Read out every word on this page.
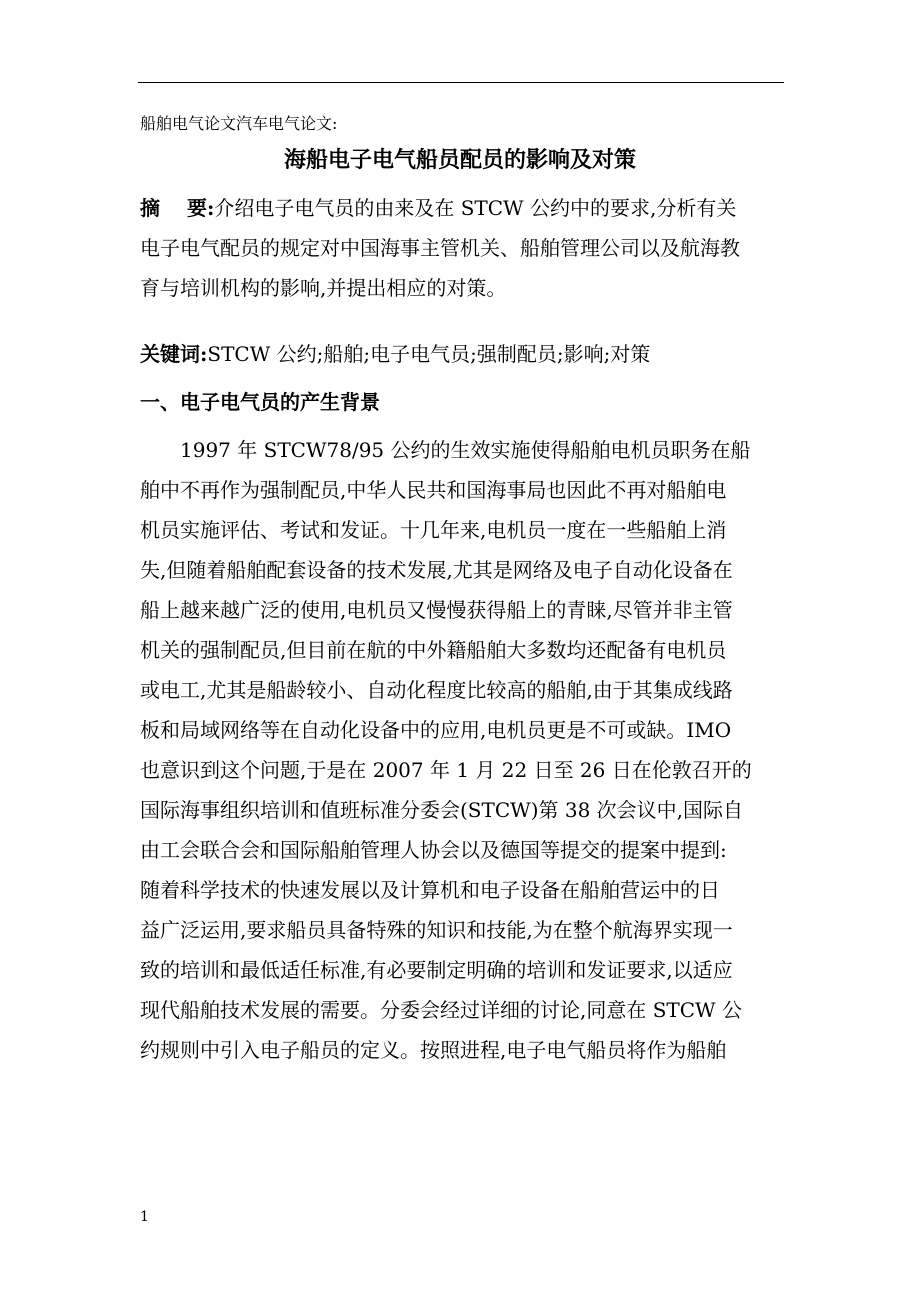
船舶电气论文汽车电气论文:
海船电子电气船员配员的影响及对策
摘　 要:介绍电子电气员的由来及在 STCW 公约中的要求,分析有关
电子电气配员的规定对中国海事主管机关、船舶管理公司以及航海教
育与培训机构的影响,并提出相应的对策。
关键词:STCW 公约;船舶;电子电气员;强制配员;影响;对策
一、电子电气员的产生背景
1997 年 STCW78/95 公约的生效实施使得船舶电机员职务在船
舶中不再作为强制配员,中华人民共和国海事局也因此不再对船舶电
机员实施评估、考试和发证。十几年来,电机员一度在一些船舶上消
失,但随着船舶配套设备的技术发展,尤其是网络及电子自动化设备在
船上越来越广泛的使用,电机员又慢慢获得船上的青睐,尽管并非主管
机关的强制配员,但目前在航的中外籍船舶大多数均还配备有电机员
或电工,尤其是船龄较小、自动化程度比较高的船舶,由于其集成线路
板和局域网络等在自动化设备中的应用,电机员更是不可或缺。IMO
也意识到这个问题,于是在 2007 年 1 月 22 日至 26 日在伦敦召开的
国际海事组织培训和值班标准分委会(STCW)第 38 次会议中,国际自
由工会联合会和国际船舶管理人协会以及德国等提交的提案中提到:
随着科学技术的快速发展以及计算机和电子设备在船舶营运中的日
益广泛运用,要求船员具备特殊的知识和技能,为在整个航海界实现一
致的培训和最低适任标准,有必要制定明确的培训和发证要求,以适应
现代船舶技术发展的需要。分委会经过详细的讨论,同意在 STCW 公
约规则中引入电子船员的定义。按照进程,电子电气船员将作为船舶
1
